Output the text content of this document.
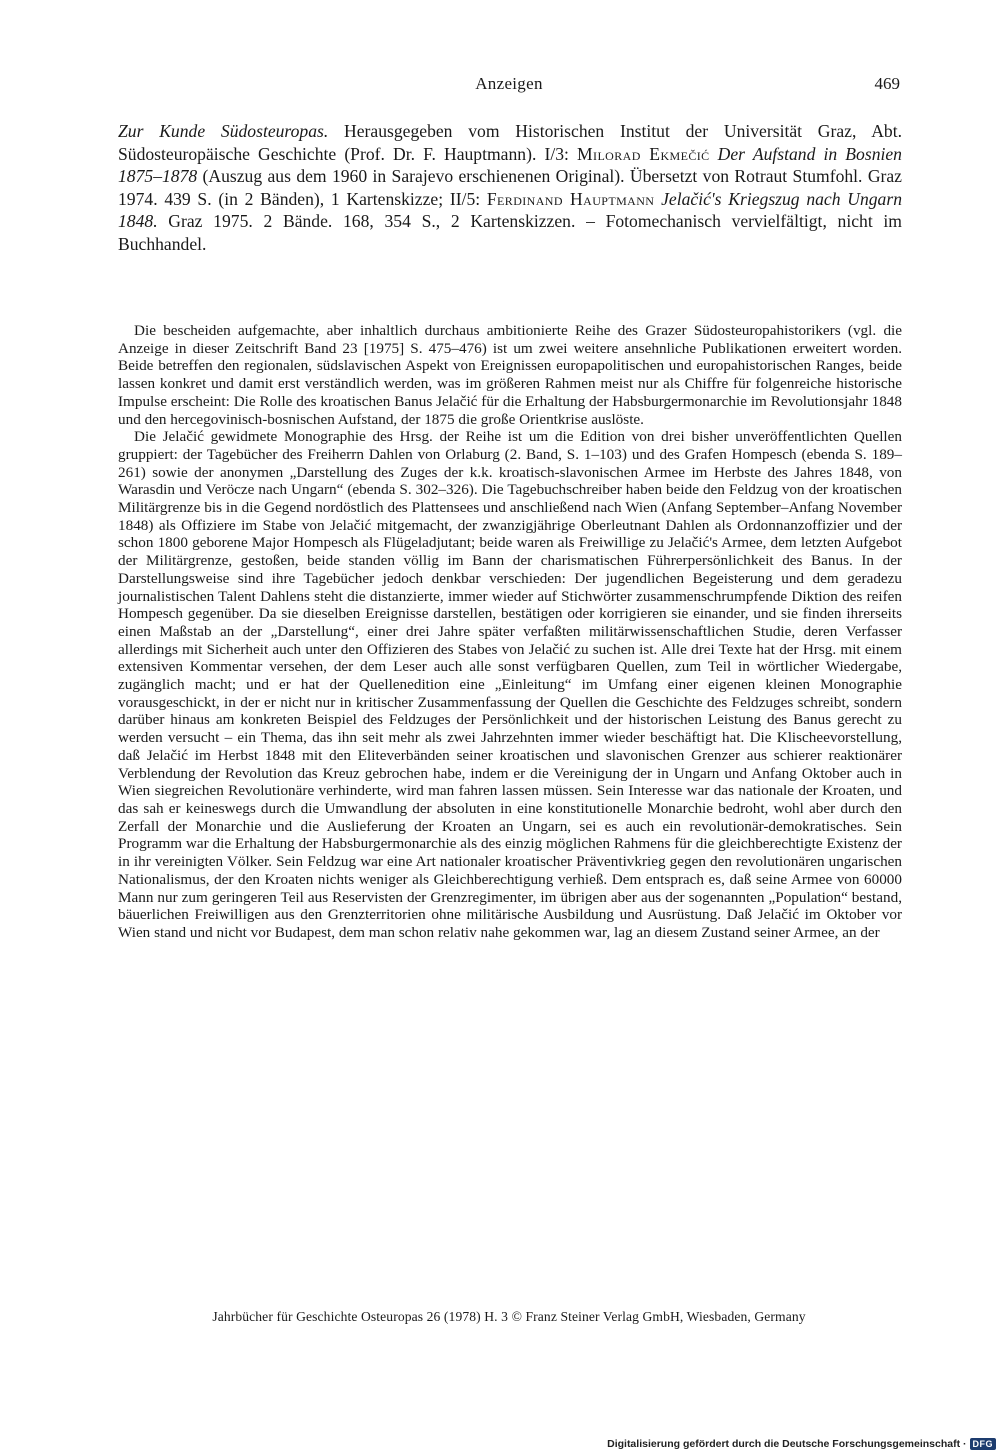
Anzeigen	469
Zur Kunde Südosteuropas. Herausgegeben vom Historischen Institut der Universität Graz, Abt. Südosteuropäische Geschichte (Prof. Dr. F. Hauptmann). I/3: Milorad Ekmečić Der Aufstand in Bosnien 1875–1878 (Auszug aus dem 1960 in Sarajevo erschienenen Original). Übersetzt von Rotraut Stumfohl. Graz 1974. 439 S. (in 2 Bänden), 1 Kartenskizze; II/5: Ferdinand Hauptmann Jelačić's Kriegszug nach Ungarn 1848. Graz 1975. 2 Bände. 168, 354 S., 2 Kartenskizzen. – Fotomechanisch vervielfältigt, nicht im Buchhandel.

Die bescheiden aufgemachte, aber inhaltlich durchaus ambitionierte Reihe des Grazer Südosteuropahistorikers (vgl. die Anzeige in dieser Zeitschrift Band 23 [1975] S. 475–476) ist um zwei weitere ansehnliche Publikationen erweitert worden. Beide betreffen den regionalen, südslavischen Aspekt von Ereignissen europapolitischen und europahistorischen Ranges, beide lassen konkret und damit erst verständlich werden, was im größeren Rahmen meist nur als Chiffre für folgenreiche historische Impulse erscheint: Die Rolle des kroatischen Banus Jelačić für die Erhaltung der Habsburgermonarchie im Revolutionsjahr 1848 und den hercegovinisch-bosnischen Aufstand, der 1875 die große Orientkrise auslöste.

Die Jelačić gewidmete Monographie des Hrsg. der Reihe ist um die Edition von drei bisher unveröffentlichten Quellen gruppiert: der Tagebücher des Freiherrn Dahlen von Orlaburg (2. Band, S. 1–103) und des Grafen Hompesch (ebenda S. 189–261) sowie der anonymen „Darstellung des Zuges der k.k. kroatisch-slavonischen Armee im Herbste des Jahres 1848, von Warasdin und Veröcze nach Ungarn“ (ebenda S. 302–326). Die Tagebuchschreiber haben beide den Feldzug von der kroatischen Militärgrenze bis in die Gegend nordöstlich des Plattensees und anschließend nach Wien (Anfang September–Anfang November 1848) als Offiziere im Stabe von Jelačić mitgemacht, der zwanzigjährige Oberleutnant Dahlen als Ordonnanzoffizier und der schon 1800 geborene Major Hompesch als Flügeladjutant; beide waren als Freiwillige zu Jelačić's Armee, dem letzten Aufgebot der Militärgrenze, gestoßen, beide standen völlig im Bann der charismatischen Führerpersönlichkeit des Banus. In der Darstellungsweise sind ihre Tagebücher jedoch denkbar verschieden: Der jugendlichen Begeisterung und dem geradezu journalistischen Talent Dahlens steht die distanzierte, immer wieder auf Stichwörter zusammenschrumpfende Diktion des reifen Hompesch gegenüber. Da sie dieselben Ereignisse darstellen, bestätigen oder korrigieren sie einander, und sie finden ihrerseits einen Maßstab an der „Darstellung“, einer drei Jahre später verfaßten militärwissenschaftlichen Studie, deren Verfasser allerdings mit Sicherheit auch unter den Offizieren des Stabes von Jelačić zu suchen ist. Alle drei Texte hat der Hrsg. mit einem extensiven Kommentar versehen, der dem Leser auch alle sonst verfügbaren Quellen, zum Teil in wörtlicher Wiedergabe, zugänglich macht; und er hat der Quellenedition eine „Einleitung“ im Umfang einer eigenen kleinen Monographie vorausgeschickt, in der er nicht nur in kritischer Zusammenfassung der Quellen die Geschichte des Feldzuges schreibt, sondern darüber hinaus am konkreten Beispiel des Feldzuges der Persönlichkeit und der historischen Leistung des Banus gerecht zu werden versucht – ein Thema, das ihn seit mehr als zwei Jahrzehnten immer wieder beschäftigt hat. Die Klischeevorstellung, daß Jelačić im Herbst 1848 mit den Eliteverbänden seiner kroatischen und slavonischen Grenzer aus schierer reaktionärer Verblendung der Revolution das Kreuz gebrochen habe, indem er die Vereinigung der in Ungarn und Anfang Oktober auch in Wien siegreichen Revolutionäre verhinderte, wird man fahren lassen müssen. Sein Interesse war das nationale der Kroaten, und das sah er keineswegs durch die Umwandlung der absoluten in eine konstitutionelle Monarchie bedroht, wohl aber durch den Zerfall der Monarchie und die Auslieferung der Kroaten an Ungarn, sei es auch ein revolutionär-demokratisches. Sein Programm war die Erhaltung der Habsburgermonarchie als des einzig möglichen Rahmens für die gleichberechtigte Existenz der in ihr vereinigten Völker. Sein Feldzug war eine Art nationaler kroatischer Präventivkrieg gegen den revolutionären ungarischen Nationalismus, der den Kroaten nichts weniger als Gleichberechtigung verhieß. Dem entsprach es, daß seine Armee von 60000 Mann nur zum geringeren Teil aus Reservisten der Grenzregimenter, im übrigen aber aus der sogenannten „Population“ bestand, bäuerlichen Freiwilligen aus den Grenzterritorien ohne militärische Ausbildung und Ausrüstung. Daß Jelačić im Oktober vor Wien stand und nicht vor Budapest, dem man schon relativ nahe gekommen war, lag an diesem Zustand seiner Armee, an der

Jahrbücher für Geschichte Osteuropas 26 (1978) H. 3 © Franz Steiner Verlag GmbH, Wiesbaden, Germany
Digitalisierung gefördert durch die Deutsche Forschungsgemeinschaft · DFG
